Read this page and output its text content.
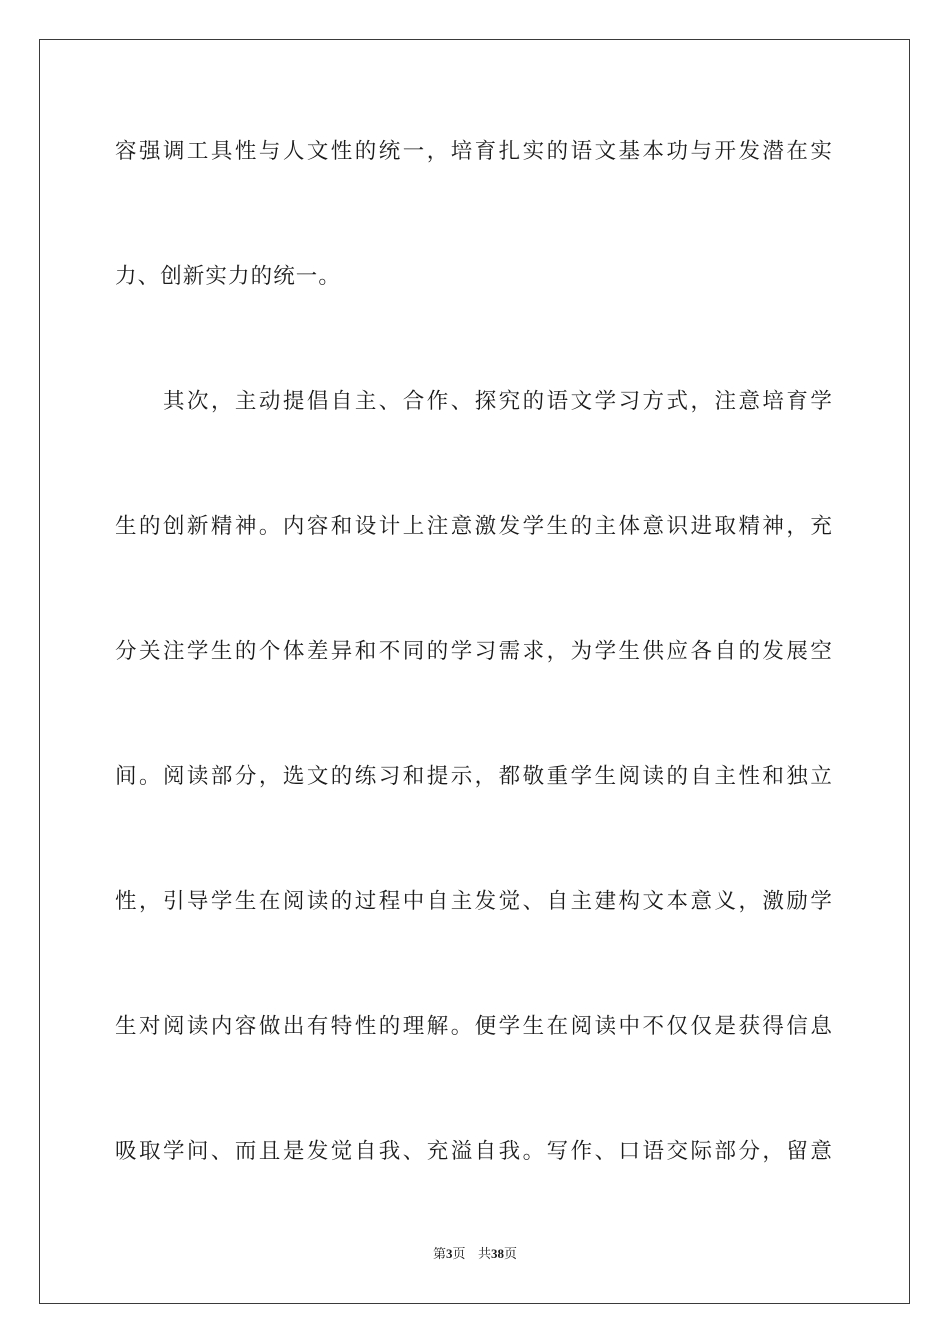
容强调工具性与人文性的统一，培育扎实的语文基本功与开发潜在实
力、创新实力的统一。
其次，主动提倡自主、合作、探究的语文学习方式，注意培育学
生的创新精神。内容和设计上注意激发学生的主体意识进取精神，充
分关注学生的个体差异和不同的学习需求，为学生供应各自的发展空
间。阅读部分，选文的练习和提示，都敬重学生阅读的自主性和独立
性，引导学生在阅读的过程中自主发觉、自主建构文本意义，激励学
生对阅读内容做出有特性的理解。便学生在阅读中不仅仅是获得信息
吸取学问、而且是发觉自我、充溢自我。写作、口语交际部分，留意
第3页   共38页
